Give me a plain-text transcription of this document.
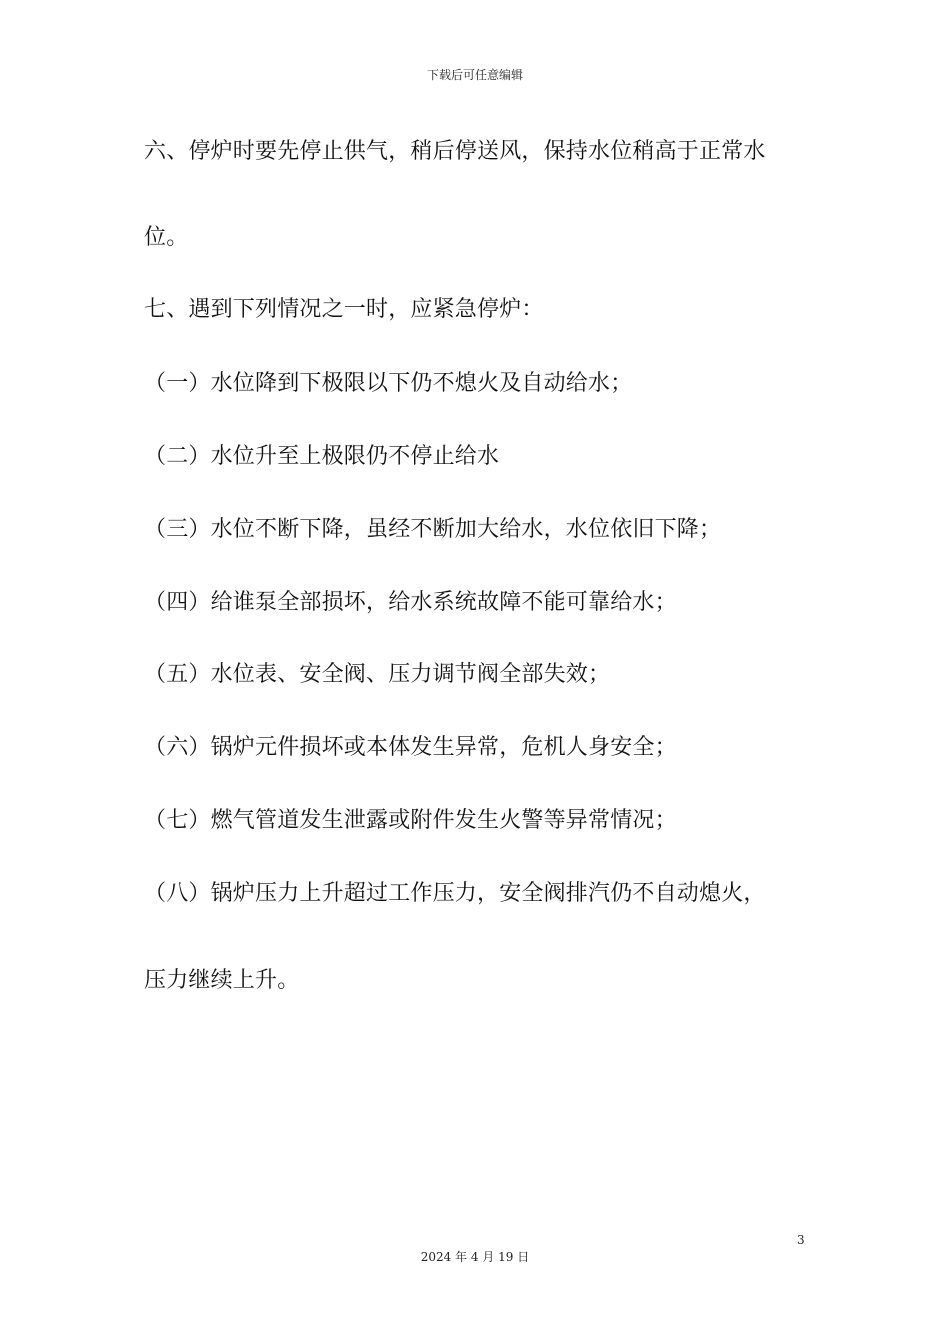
下载后可任意编辑
六、停炉时要先停止供气，稍后停送风，保持水位稍高于正常水
位。
七、遇到下列情况之一时，应紧急停炉：
（一）水位降到下极限以下仍不熄火及自动给水；
（二）水位升至上极限仍不停止给水
（三）水位不断下降，虽经不断加大给水，水位依旧下降；
（四）给谁泵全部损坏，给水系统故障不能可靠给水；
（五）水位表、安全阀、压力调节阀全部失效；
（六）锅炉元件损坏或本体发生异常，危机人身安全；
（七）燃气管道发生泄露或附件发生火警等异常情况；
（八）锅炉压力上升超过工作压力，安全阀排汽仍不自动熄火，
压力继续上升。
3
2024 年 4 月 19 日
